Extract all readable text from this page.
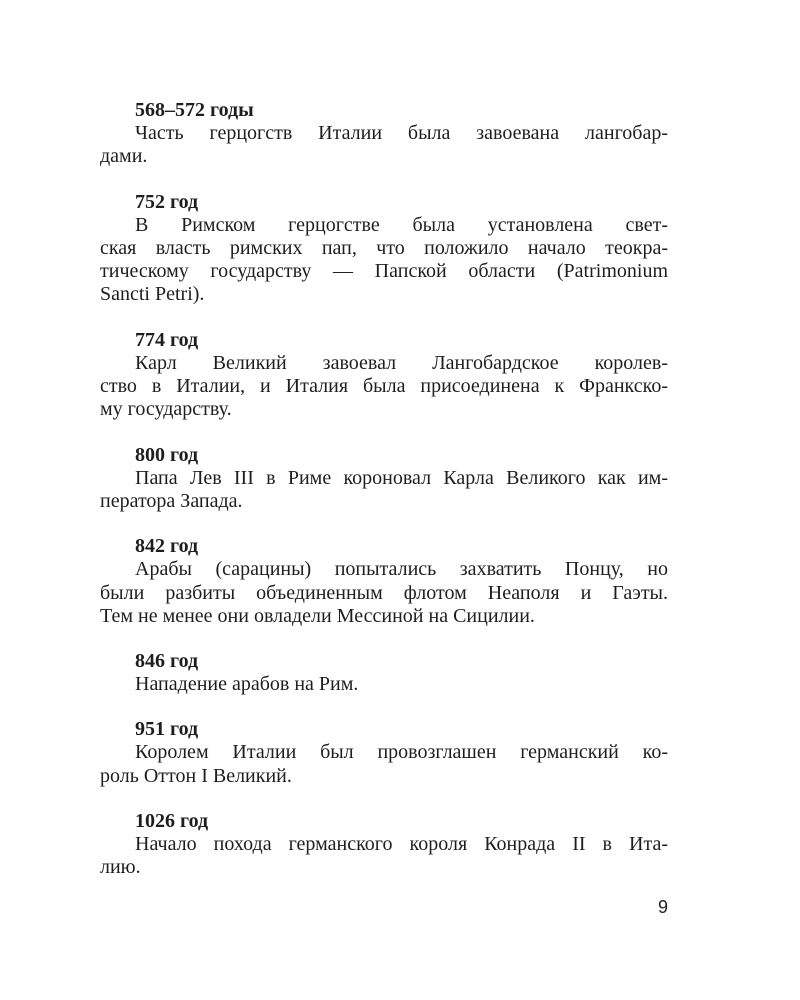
568–572 годы

Часть герцогств Италии была завоевана лангобар-
дами.

752 год

В Римском герцогстве была установлена свет-
ская власть римских пап, что положило начало теокра-
тическому государству — Папской области (Patrimonium
Sancti Petri).

774 год

Карл Великий завоевал Лангобардское королев-
ство в Италии, и Италия была присоединена к Франкско-
му государству.

800 год

Папа Лев III в Риме короновал Карла Великого как им-
ператора Запада.

842 год

Арабы (сарацины) попытались захватить Понцу, но
были разбиты объединенным флотом Неаполя и Гаэты.
Тем не менее они овладели Мессиной на Сицилии.

846 год

Нападение арабов на Рим.

951 год

Королем Италии был провозглашен германский ко-
роль Оттон I Великий.

1026 год

Начало похода германского короля Конрада II в Ита-
лию.

9
